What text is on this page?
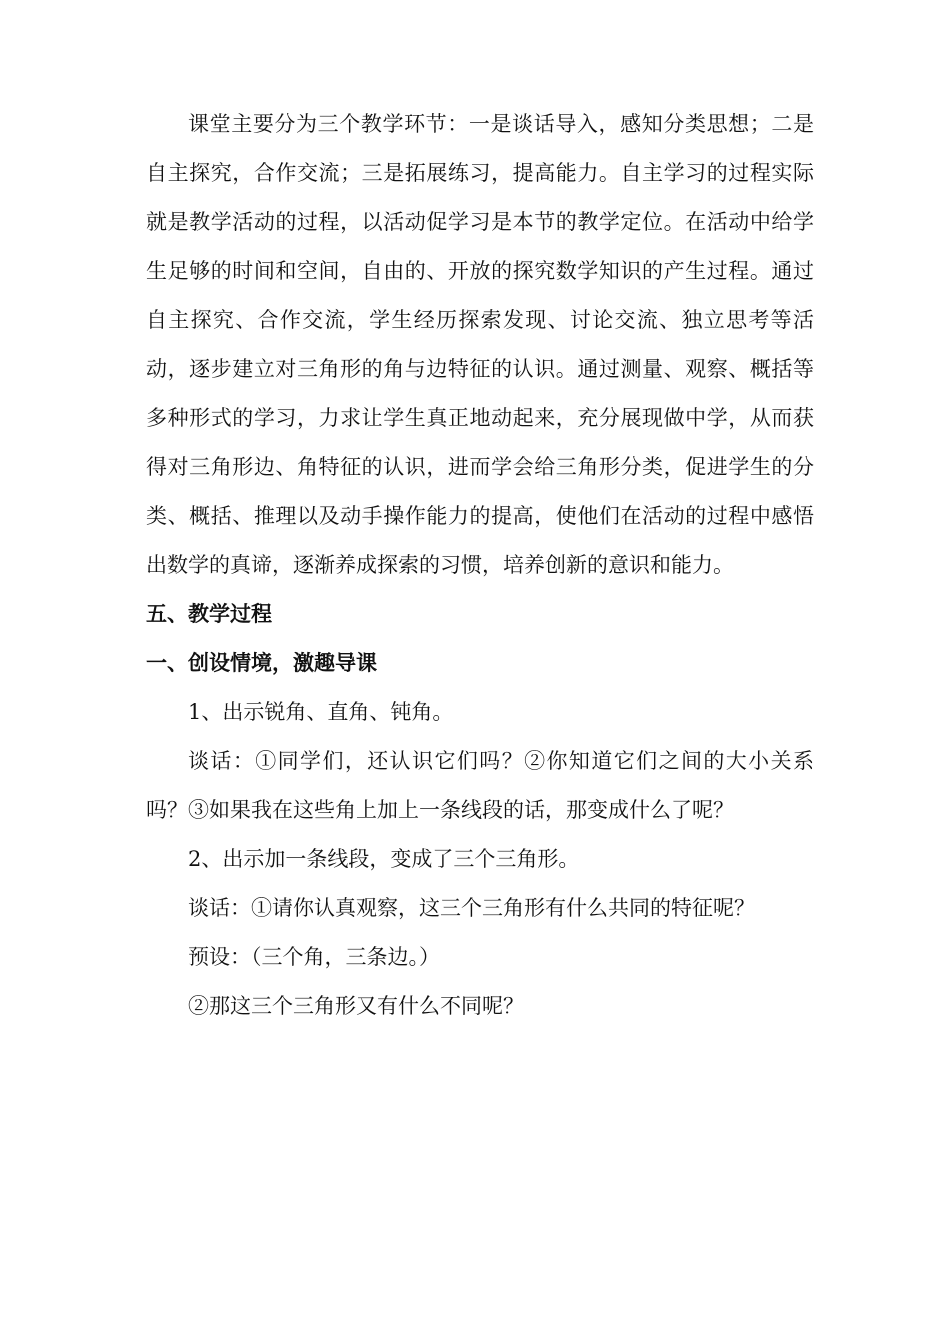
课堂主要分为三个教学环节：一是谈话导入，感知分类思想；二是自主探究，合作交流；三是拓展练习，提高能力。自主学习的过程实际就是教学活动的过程，以活动促学习是本节的教学定位。在活动中给学生足够的时间和空间，自由的、开放的探究数学知识的产生过程。通过自主探究、合作交流，学生经历探索发现、讨论交流、独立思考等活动，逐步建立对三角形的角与边特征的认识。通过测量、观察、概括等多种形式的学习，力求让学生真正地动起来，充分展现做中学，从而获得对三角形边、角特征的认识，进而学会给三角形分类，促进学生的分类、概括、推理以及动手操作能力的提高，使他们在活动的过程中感悟出数学的真谛，逐渐养成探索的习惯，培养创新的意识和能力。

五、教学过程

一、创设情境，激趣导课

1、出示锐角、直角、钝角。

谈话：①同学们，还认识它们吗？②你知道它们之间的大小关系吗？③如果我在这些角上加上一条线段的话，那变成什么了呢？

2、出示加一条线段，变成了三个三角形。

谈话：①请你认真观察，这三个三角形有什么共同的特征呢？

预设：（三个角，三条边。）

②那这三个三角形又有什么不同呢？
